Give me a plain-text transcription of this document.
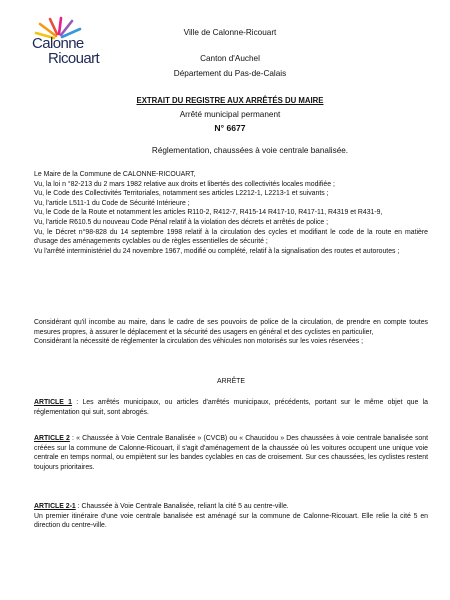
Calonne
Ricouart
Ville de Calonne-Ricouart
Canton d'Auchel
Département du Pas-de-Calais
EXTRAIT DU REGISTRE AUX ARRÊTÉS DU MAIRE
Arrêté municipal permanent
N° 6677
Réglementation, chaussées à voie centrale banalisée.

Le Maire de la Commune de CALONNE-RICOUART,

Vu, la loi n °82-213 du 2 mars 1982 relative aux droits et libertés des collectivités locales modifiée ;

Vu, le Code des Collectivités Territoriales, notamment ses articles L2212-1, L2213-1 et suivants ;

Vu, l'article L511-1 du Code de Sécurité Intérieure ;

Vu, le Code de la Route et notamment les articles R110-2, R412-7, R415-14 R417-10, R417-11, R4319 et R431-9,

Vu, l'article R610.5 du nouveau Code Pénal relatif à la violation des décrets et arrêtés de police ;

Vu, le Décret n°98-828 du 14 septembre 1998 relatif à la circulation des cycles et modifiant le code de la route en matière d'usage des aménagements cyclables ou de règles essentielles de sécurité ;

Vu l'arrêté interministériel du 24 novembre 1967, modifié ou complété, relatif à la signalisation des routes et autoroutes ;

Considérant qu'il incombe au maire, dans le cadre de ses pouvoirs de police de la circulation, de prendre en compte toutes mesures propres, à assurer le déplacement et la sécurité des usagers en général et des cyclistes en particulier,

Considérant la nécessité de réglementer la circulation des véhicules non motorisés sur les voies réservées ;

ARRÊTE

ARTICLE 1 : Les arrêtés municipaux, ou articles d'arrêtés municipaux, précédents, portant sur le même objet que la réglementation qui suit, sont abrogés.

ARTICLE 2 : « Chaussée à Voie Centrale Banalisée » (CVCB) ou « Chaucidou » Des chaussées à voie centrale banalisée sont créées sur la commune de Calonne-Ricouart, il s'agit d'aménagement de la chaussée où les voitures occupent une unique voie centrale en temps normal, ou empiètent sur les bandes cyclables en cas de croisement. Sur ces chaussées, les cyclistes restent toujours prioritaires.

ARTICLE 2-1 : Chaussée à Voie Centrale Banalisée, reliant la cité 5 au centre-ville.

Un premier itinéraire d'une voie centrale banalisée est aménagé sur la commune de Calonne-Ricouart. Elle relie la cité 5 en direction du centre-ville.
